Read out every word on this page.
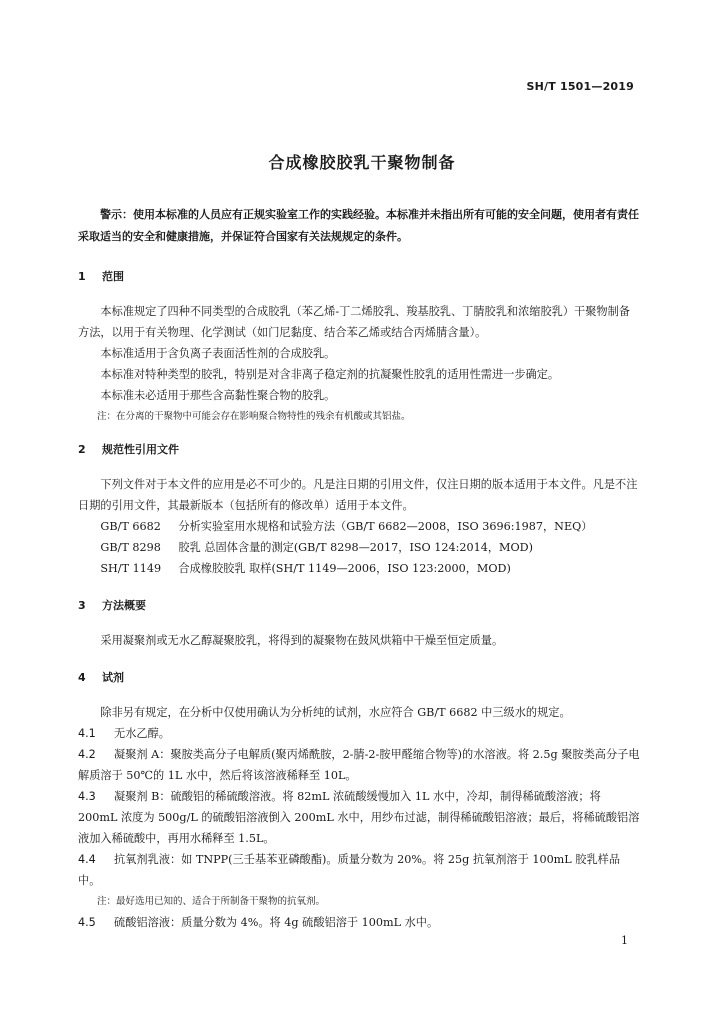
SH/T 1501—2019
合成橡胶胶乳干聚物制备

警示：使用本标准的人员应有正规实验室工作的实践经验。本标准并未指出所有可能的安全问题，使用者有责任采取适当的安全和健康措施，并保证符合国家有关法规规定的条件。

1 范围

本标准规定了四种不同类型的合成胶乳（苯乙烯-丁二烯胶乳、羧基胶乳、丁腈胶乳和浓缩胶乳）干聚物制备方法，以用于有关物理、化学测试（如门尼黏度、结合苯乙烯或结合丙烯腈含量）。

本标准适用于含负离子表面活性剂的合成胶乳。

本标准对特种类型的胶乳，特别是对含非离子稳定剂的抗凝聚性胶乳的适用性需进一步确定。

本标准未必适用于那些含高黏性聚合物的胶乳。

注：在分离的干聚物中可能会存在影响聚合物特性的残余有机酸或其铝盐。

2 规范性引用文件

下列文件对于本文件的应用是必不可少的。凡是注日期的引用文件，仅注日期的版本适用于本文件。凡是不注日期的引用文件，其最新版本（包括所有的修改单）适用于本文件。

GB/T 6682 分析实验室用水规格和试验方法（GB/T 6682—2008，ISO 3696:1987，NEQ）

GB/T 8298 胶乳 总固体含量的测定(GB/T 8298—2017，ISO 124:2014，MOD)

SH/T 1149 合成橡胶胶乳 取样(SH/T 1149—2006，ISO 123:2000，MOD)

3 方法概要

采用凝聚剂或无水乙醇凝聚胶乳，将得到的凝聚物在鼓风烘箱中干燥至恒定质量。

4 试剂

除非另有规定，在分析中仅使用确认为分析纯的试剂，水应符合 GB/T 6682 中三级水的规定。

4.1 无水乙醇。

4.2 凝聚剂 A：聚胺类高分子电解质(聚丙烯酰胺，2-腈-2-胺甲醛缩合物等)的水溶液。将 2.5g 聚胺类高分子电解质溶于 50℃的 1L 水中，然后将该溶液稀释至 10L。

4.3 凝聚剂 B：硫酸铝的稀硫酸溶液。将 82mL 浓硫酸缓慢加入 1L 水中，冷却，制得稀硫酸溶液；将 200mL 浓度为 500g/L 的硫酸铝溶液倒入 200mL 水中，用纱布过滤，制得稀硫酸铝溶液；最后，将稀硫酸铝溶液加入稀硫酸中，再用水稀释至 1.5L。

4.4 抗氧剂乳液：如 TNPP(三壬基苯亚磷酸酯)。质量分数为 20%。将 25g 抗氧剂溶于 100mL 胶乳样品中。

注：最好选用已知的、适合于所制备干聚物的抗氧剂。

4.5 硫酸铝溶液：质量分数为 4%。将 4g 硫酸铝溶于 100mL 水中。

1
